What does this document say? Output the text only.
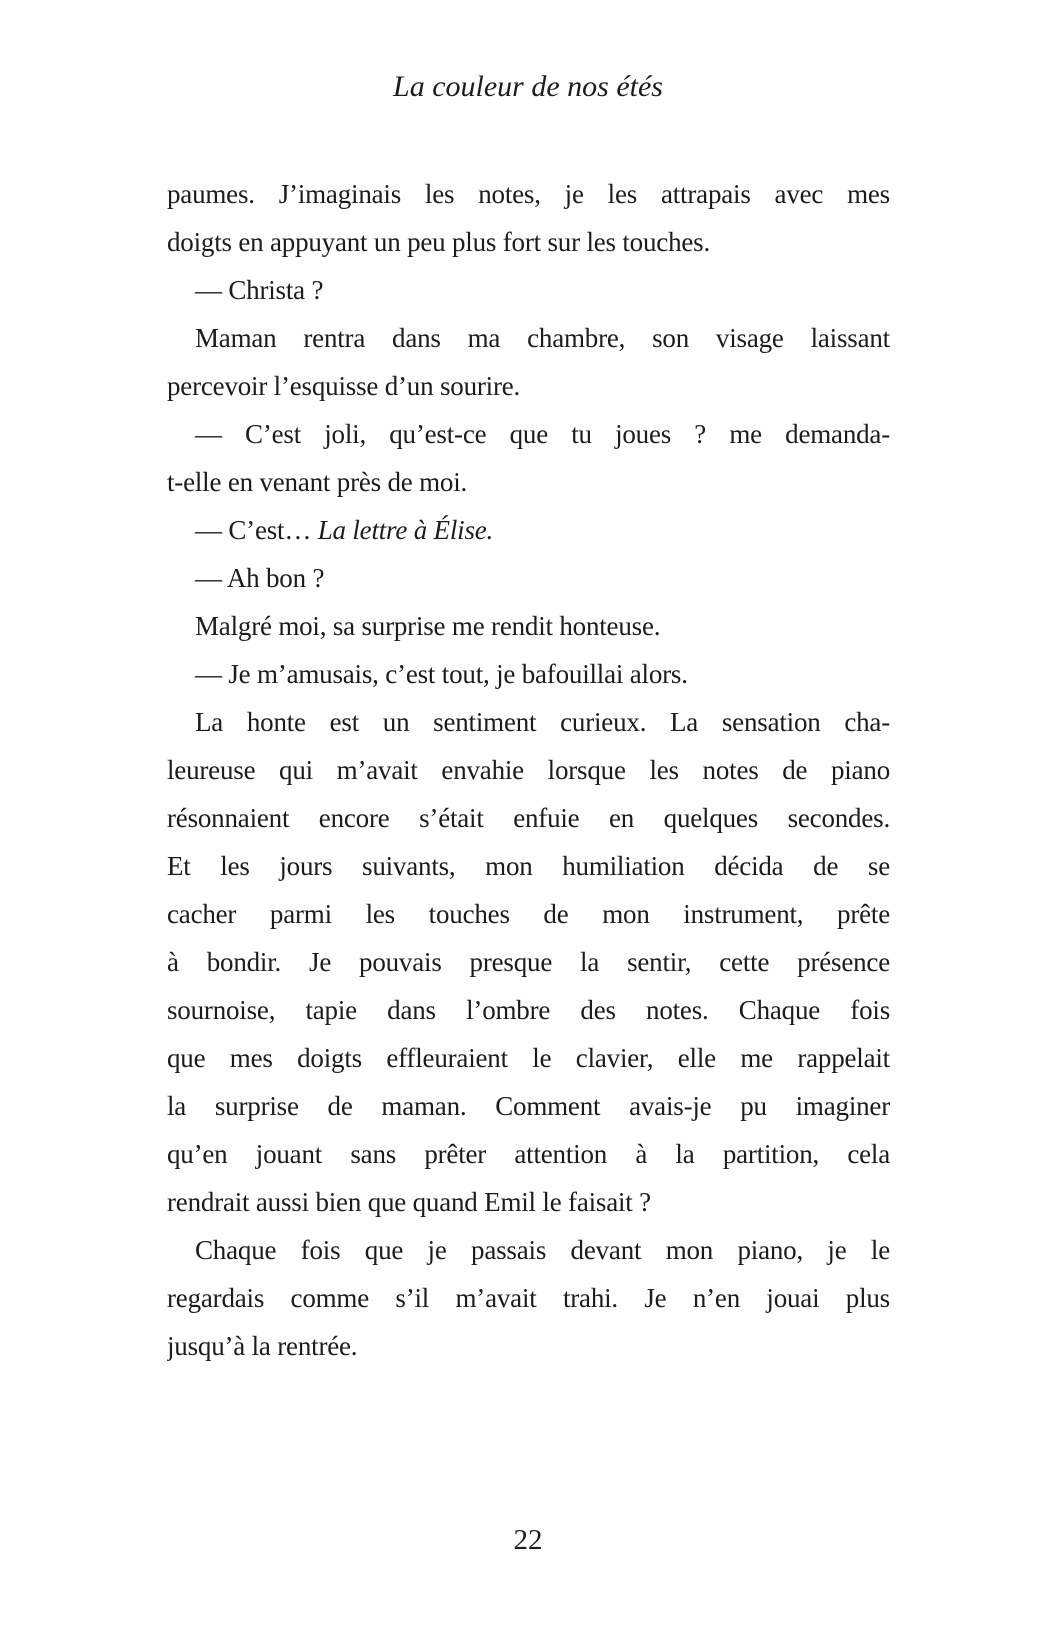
La couleur de nos étés
paumes. J’imaginais les notes, je les attrapais avec mes
doigts en appuyant un peu plus fort sur les touches.
— Christa ?
Maman rentra dans ma chambre, son visage laissant
percevoir l’esquisse d’un sourire.
— C’est joli, qu’est-ce que tu joues ? me demanda-
t-elle en venant près de moi.
— C’est… La lettre à Élise.
— Ah bon ?
Malgré moi, sa surprise me rendit honteuse.
— Je m’amusais, c’est tout, je bafouillai alors.
La honte est un sentiment curieux. La sensation cha-
leureuse qui m’avait envahie lorsque les notes de piano
résonnaient encore s’était enfuie en quelques secondes.
Et les jours suivants, mon humiliation décida de se
cacher parmi les touches de mon instrument, prête
à bondir. Je pouvais presque la sentir, cette présence
sournoise, tapie dans l’ombre des notes. Chaque fois
que mes doigts effleuraient le clavier, elle me rappelait
la surprise de maman. Comment avais-je pu imaginer
qu’en jouant sans prêter attention à la partition, cela
rendrait aussi bien que quand Emil le faisait ?
Chaque fois que je passais devant mon piano, je le
regardais comme s’il m’avait trahi. Je n’en jouai plus
jusqu’à la rentrée.
22
